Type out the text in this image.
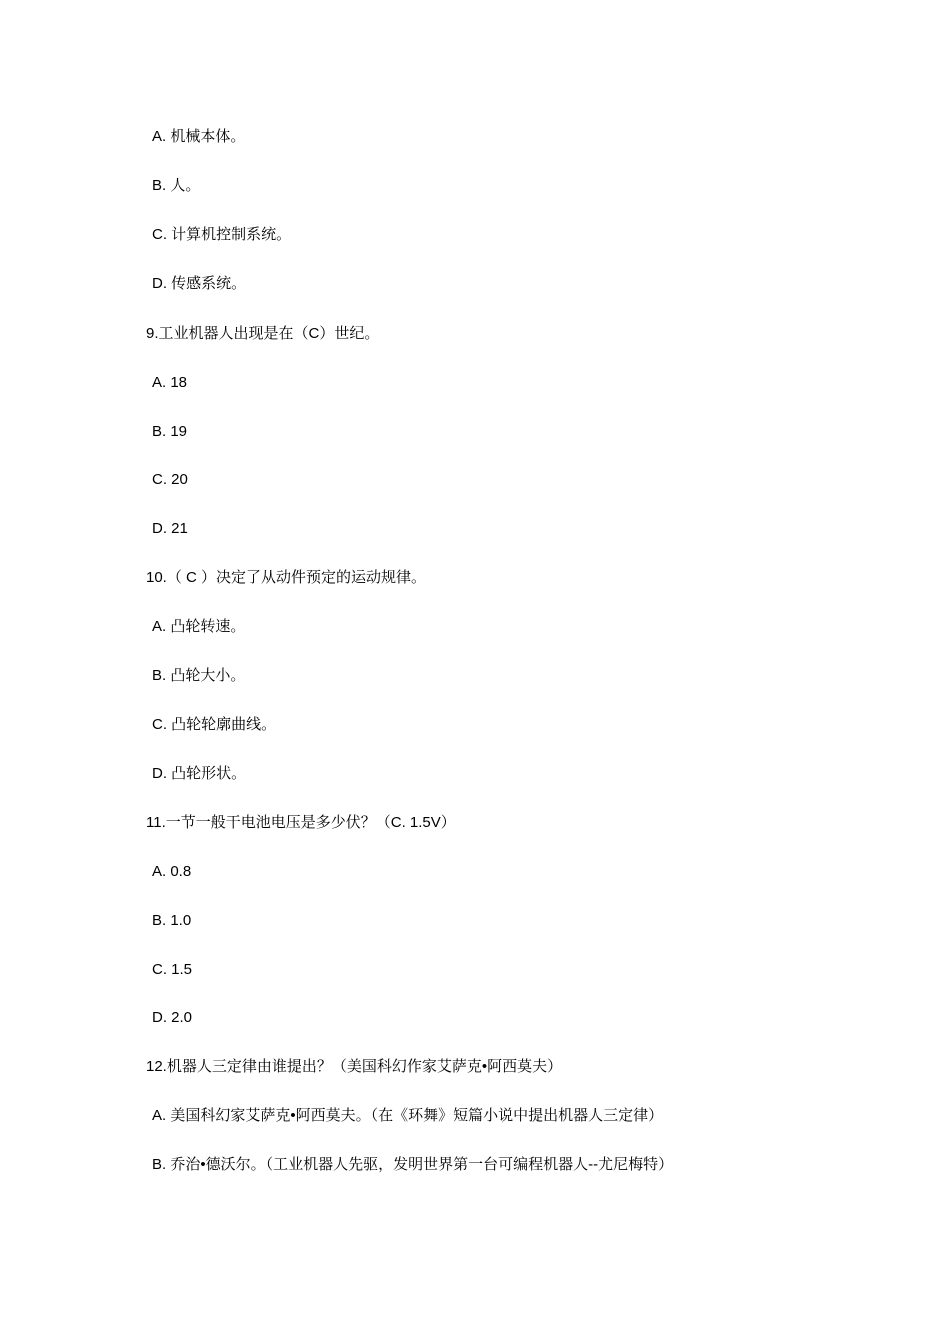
A. 机械本体。
B. 人。
C. 计算机控制系统。
D. 传感系统。
9.工业机器人出现是在（C）世纪。
A. 18
B. 19
C. 20
D. 21
10.（ C ）决定了从动件预定的运动规律。
A. 凸轮转速。
B. 凸轮大小。
C. 凸轮轮廓曲线。
D. 凸轮形状。
11.一节一般干电池电压是多少伏？（C. 1.5V）
A. 0.8
B. 1.0
C. 1.5
D. 2.0
12.机器人三定律由谁提出？（美国科幻作家艾萨克•阿西莫夫）
A. 美国科幻家艾萨克•阿西莫夫。（在《环舞》短篇小说中提出机器人三定律）
B. 乔治•德沃尔。（工业机器人先驱，发明世界第一台可编程机器人--尤尼梅特）
